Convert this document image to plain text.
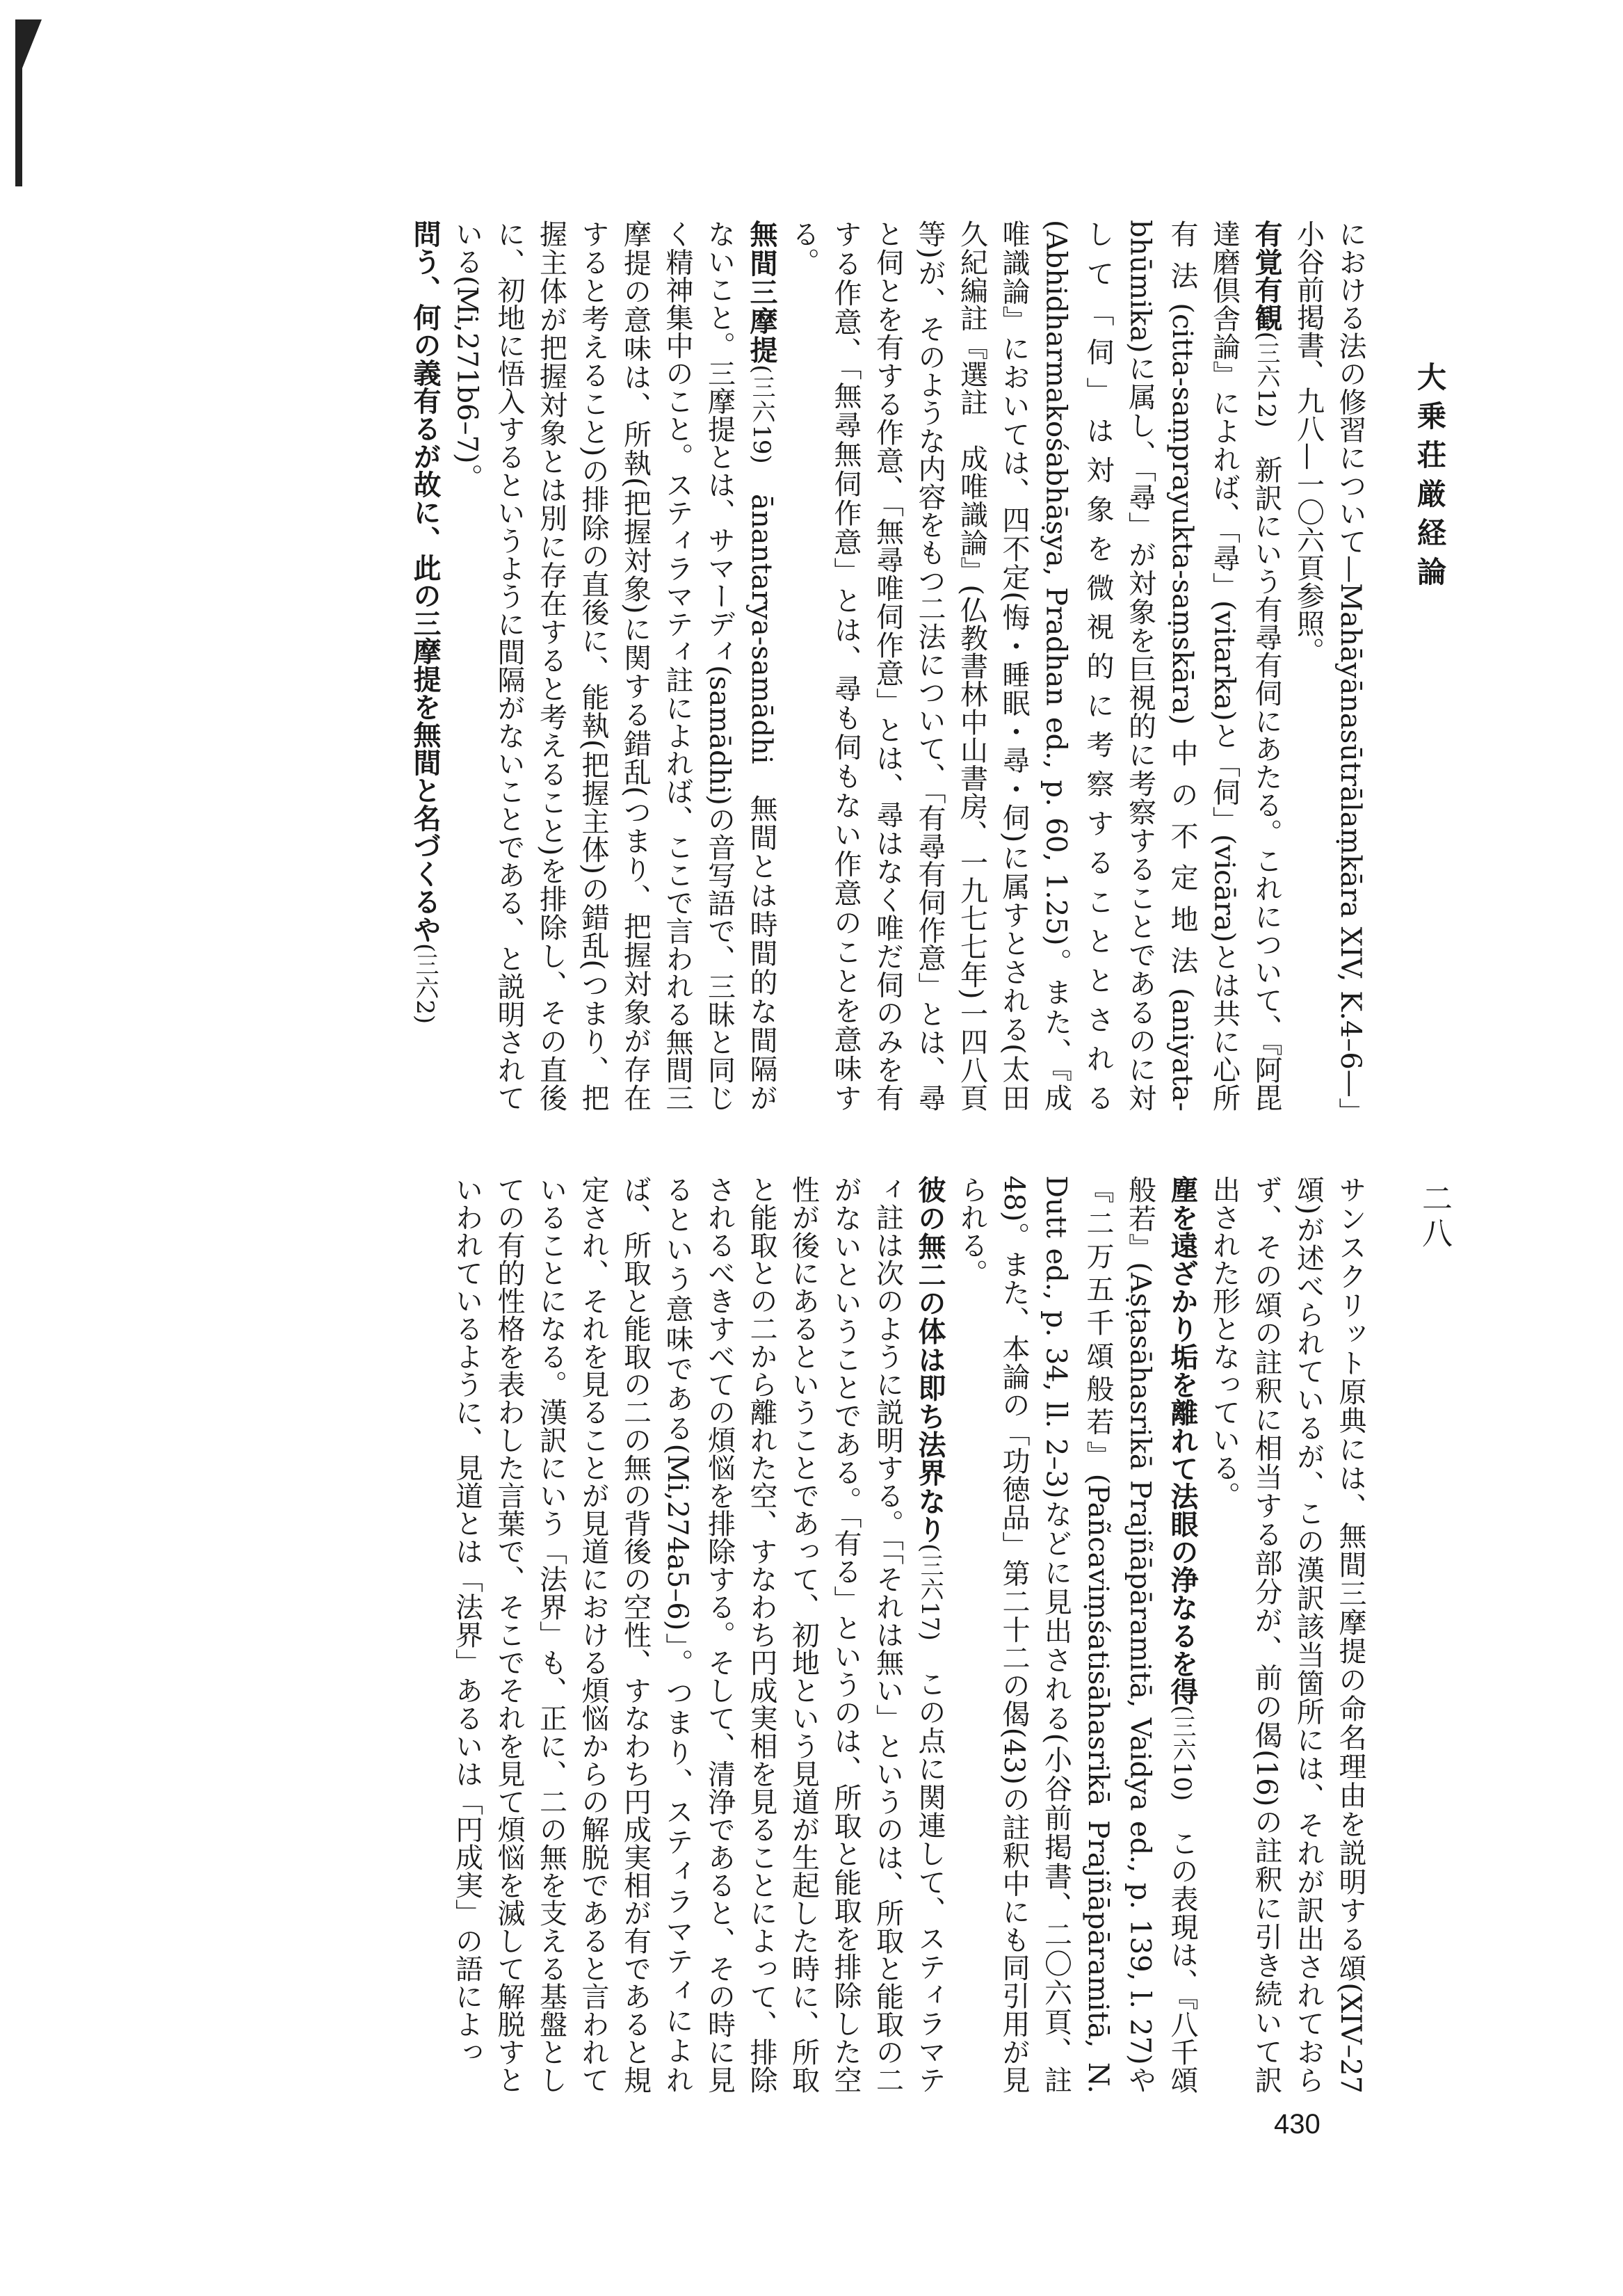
大乗荘厳経論
二八

における法の修習について—Mahāyānasūtrālaṃkāra XIV, K.4–6—」小谷前掲書、九八—一〇六頁参照。

有覚有観(三六12)　新訳にいう有尋有伺にあたる。これについて、『阿毘達磨倶舎論』によれば、「尋」(vitarka)と「伺」(vicāra)とは共に心所有法(citta-saṃprayukta-saṃskāra)中の不定地法(aniyata-bhūmika)に属し、「尋」が対象を巨視的に考察することであるのに対して「伺」は対象を微視的に考察することとされる(Abhidharmakośabhāṣya, Pradhan ed., p. 60, 1.25)。また、『成唯識論』においては、四不定(悔・睡眠・尋・伺)に属すとされる(太田久紀編註『選註　成唯識論』(仏教書林中山書房、一九七七年)一四八頁等)が、そのような内容をもつ二法について、「有尋有伺作意」とは、尋と伺とを有する作意、「無尋唯伺作意」とは、尋はなく唯だ伺のみを有する作意、「無尋無伺作意」とは、尋も伺もない作意のことを意味する。

無間三摩提(三六19)　ānantarya-samādhi　無間とは時間的な間隔がないこと。三摩提とは、サマーディ(samādhi)の音写語で、三昧と同じく精神集中のこと。スティラマティ註によれば、ここで言われる無間三摩提の意味は、所執(把握対象)に関する錯乱(つまり、把握対象が存在すると考えること)の排除の直後に、能執(把握主体)の錯乱(つまり、把握主体が把握対象とは別に存在すると考えること)を排除し、その直後に、初地に悟入するというように間隔がないことである、と説明されている(Mi,271b6–7)。

問う、何の義有るが故に、此の三摩提を無間と名づくるや(三六2)

サンスクリット原典には、無間三摩提の命名理由を説明する頌(XIV–27頌)が述べられているが、この漢訳該当箇所には、それが訳出されておらず、その頌の註釈に相当する部分が、前の偈(16)の註釈に引き続いて訳出された形となっている。

塵を遠ざかり垢を離れて法眼の浄なるを得(三六10)　この表現は、『八千頌般若』(Aṣṭasāhasrikā Prajñāpāramitā, Vaidya ed., p. 139, l. 27)や『二万五千頌般若』(Pañcaviṃśatisāhasrikā Prajñāpāramitā, N. Dutt ed., p. 34, ll. 2–3)などに見出される(小谷前掲書、二〇六頁、註48)。また、本論の「功徳品」第二十二の偈(43)の註釈中にも同引用が見られる。

彼の無二の体は即ち法界なり(三六17)　この点に関連して、スティラマティ註は次のように説明する。「「それは無い」というのは、所取と能取の二がないということである。「有る」というのは、所取と能取を排除した空性が後にあるということであって、初地という見道が生起した時に、所取と能取との二から離れた空、すなわち円成実相を見ることによって、排除されるべきすべての煩悩を排除する。そして、清浄であると、その時に見るという意味である(Mi,274a5–6)」。つまり、スティラマティによれば、所取と能取の二の無の背後の空性、すなわち円成実相が有であると規定され、それを見ることが見道における煩悩からの解脱であると言われていることになる。漢訳にいう「法界」も、正に、二の無を支える基盤としての有的性格を表わした言葉で、そこでそれを見て煩悩を滅して解脱すといわれているように、見道とは「法界」あるいは「円成実」の語によっ

430
